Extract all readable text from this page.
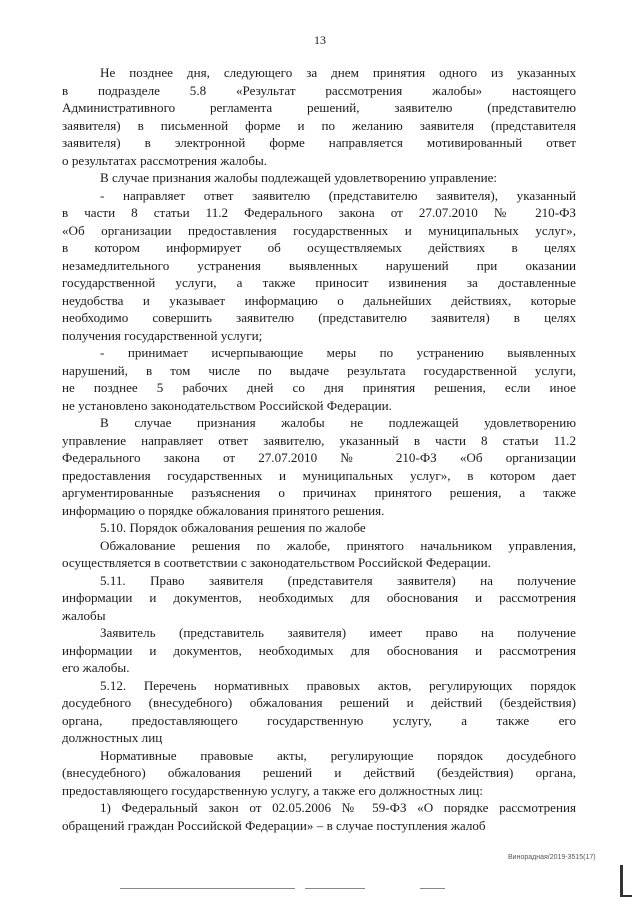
13

Не позднее дня, следующего за днем принятия одного из указанных

в подразделе 5.8 «Результат рассмотрения жалобы» настоящего

Административного регламента решений, заявителю (представителю

заявителя) в письменной форме и по желанию заявителя (представителя

заявителя) в электронной форме направляется мотивированный ответ

о результатах рассмотрения жалобы.

В случае признания жалобы подлежащей удовлетворению управление:

- направляет ответ заявителю (представителю заявителя), указанный

в части 8 статьи 11.2 Федерального закона от 27.07.2010 № 210-ФЗ

«Об организации предоставления государственных и муниципальных услуг»,

в котором информирует об осуществляемых действиях в целях

незамедлительного устранения выявленных нарушений при оказании

государственной услуги, а также приносит извинения за доставленные

неудобства и указывает информацию о дальнейших действиях, которые

необходимо совершить заявителю (представителю заявителя) в целях

получения государственной услуги;

- принимает исчерпывающие меры по устранению выявленных

нарушений, в том числе по выдаче результата государственной услуги,

не позднее 5 рабочих дней со дня принятия решения, если иное

не установлено законодательством Российской Федерации.

В случае признания жалобы не подлежащей удовлетворению

управление направляет ответ заявителю, указанный в части 8 статьи 11.2

Федерального закона от 27.07.2010 № 210-ФЗ «Об организации

предоставления государственных и муниципальных услуг», в котором дает

аргументированные разъяснения о причинах принятого решения, а также

информацию о порядке обжалования принятого решения.

5.10. Порядок обжалования решения по жалобе

Обжалование решения по жалобе, принятого начальником управления,

осуществляется в соответствии с законодательством Российской Федерации.

5.11. Право заявителя (представителя заявителя) на получение

информации и документов, необходимых для обоснования и рассмотрения

жалобы

Заявитель (представитель заявителя) имеет право на получение

информации и документов, необходимых для обоснования и рассмотрения

его жалобы.

5.12. Перечень нормативных правовых актов, регулирующих порядок

досудебного (внесудебного) обжалования решений и действий (бездействия)

органа, предоставляющего государственную услугу, а также его

должностных лиц

Нормативные правовые акты, регулирующие порядок досудебного

(внесудебного) обжалования решений и действий (бездействия) органа,

предоставляющего государственную услугу, а также его должностных лиц:

1) Федеральный закон от 02.05.2006 № 59-ФЗ «О порядке рассмотрения

обращений граждан Российской Федерации» – в случае поступления жалоб

Винорадная/2019-3515(17)
